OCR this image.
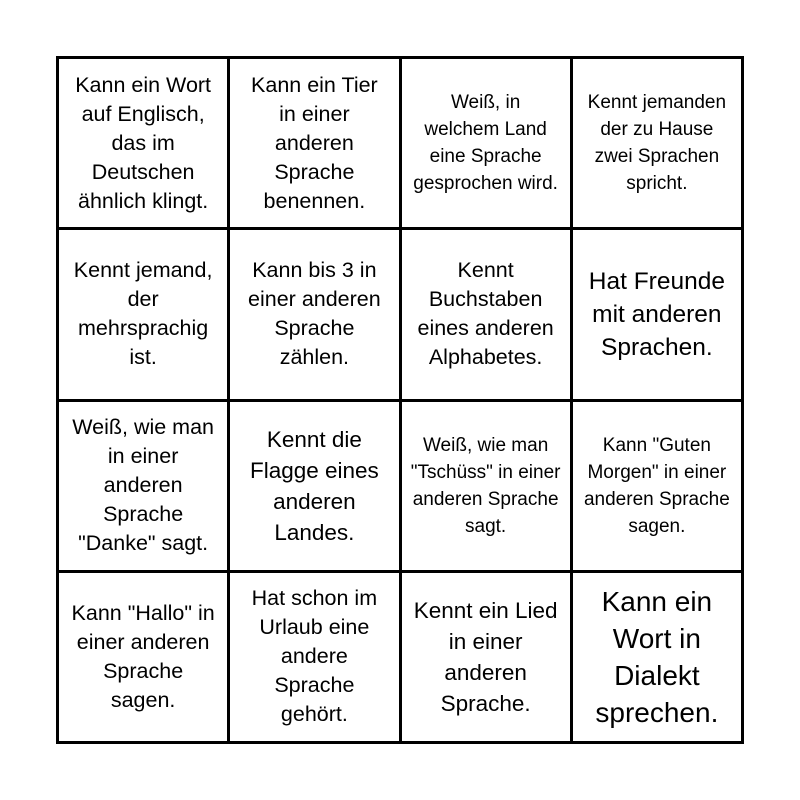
Kann ein Wort auf Englisch, das im Deutschen ähnlich klingt.
Kann ein Tier in einer anderen Sprache benennen.
Weiß, in welchem Land eine Sprache gesprochen wird.
Kennt jemanden der zu Hause zwei Sprachen spricht.
Kennt jemand, der mehrsprachig ist.
Kann bis 3 in einer anderen Sprache zählen.
Kennt Buchstaben eines anderen Alphabetes.
Hat Freunde mit anderen Sprachen.
Weiß, wie man in einer anderen Sprache "Danke" sagt.
Kennt die Flagge eines anderen Landes.
Weiß, wie man "Tschüss" in einer anderen Sprache sagt.
Kann "Guten Morgen" in einer anderen Sprache sagen.
Kann "Hallo" in einer anderen Sprache sagen.
Hat schon im Urlaub eine andere Sprache gehört.
Kennt ein Lied in einer anderen Sprache.
Kann ein Wort in Dialekt sprechen.
